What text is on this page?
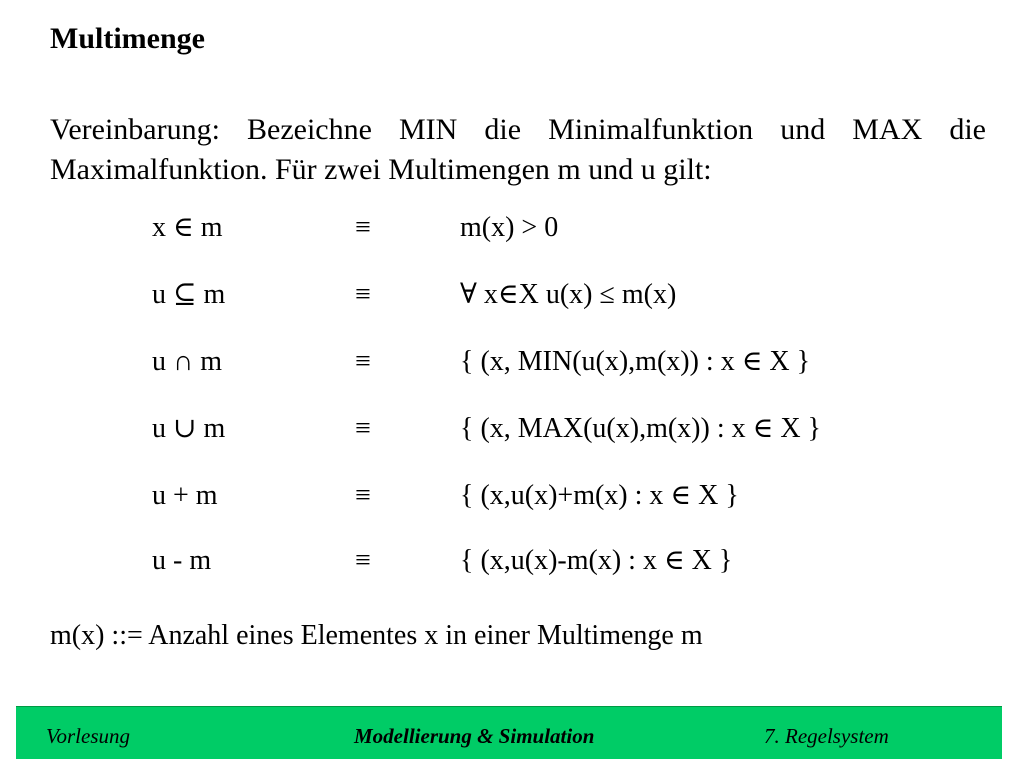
Multimenge

Vereinbarung: Bezeichne MIN die Minimalfunktion und MAX die Maximalfunktion. Für zwei Multimengen m und u gilt:

x ∈ m	≡	m(x) > 0
u ⊆ m	≡	∀ x∈X u(x) ≤ m(x)
u ∩ m	≡	{ (x, MIN(u(x),m(x)) : x ∈ X }
u ∪ m	≡	{ (x, MAX(u(x),m(x)) : x ∈ X }
u + m	≡	{ (x,u(x)+m(x) : x ∈ X }
u - m	≡	{ (x,u(x)-m(x) : x ∈ X }

m(x) ::= Anzahl eines Elementes x in einer Multimenge m

Vorlesung	Modellierung & Simulation	7. Regelsystem
